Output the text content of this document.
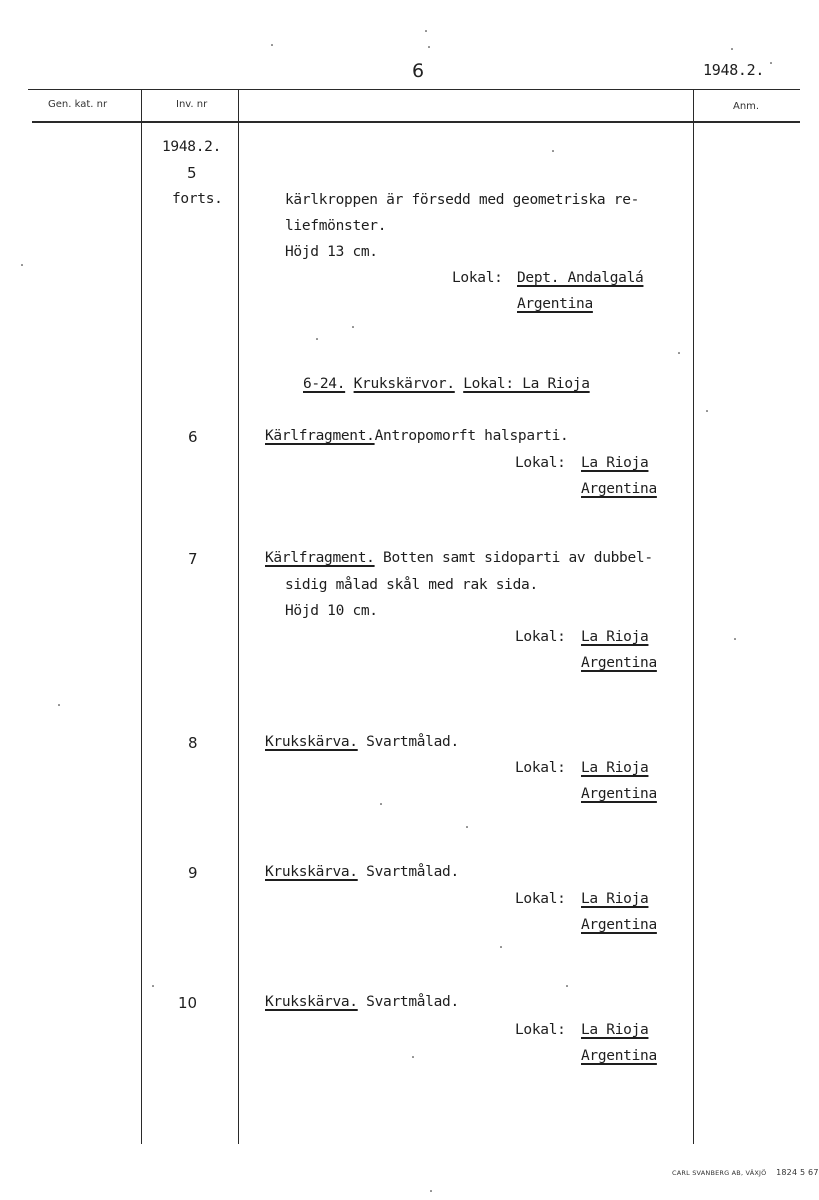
6	1948.2.
Gen. kat. nr	Inv. nr	Anm.
1948.2.
5
forts.	kärlkroppen är försedd med geometriska re-
liefmönster.
Höjd 13 cm.
Lokal: Dept. Andalgalá
Argentina
6-24. Krukskärvor. Lokal: La Rioja
6	Kärlfragment.Antropomorft halsparti.
Lokal: La Rioja
Argentina
7	Kärlfragment. Botten samt sidoparti av dubbel-
sidig målad skål med rak sida.
Höjd 10 cm.
Lokal: La Rioja
Argentina
8	Krukskärva. Svartmålad.
Lokal: La Rioja
Argentina
9	Krukskärva. Svartmålad.
Lokal: La Rioja
Argentina
10	Krukskärva. Svartmålad.
Lokal: La Rioja
Argentina
CARL SVANBERG AB, VÄXJÖ 1824 5 67
